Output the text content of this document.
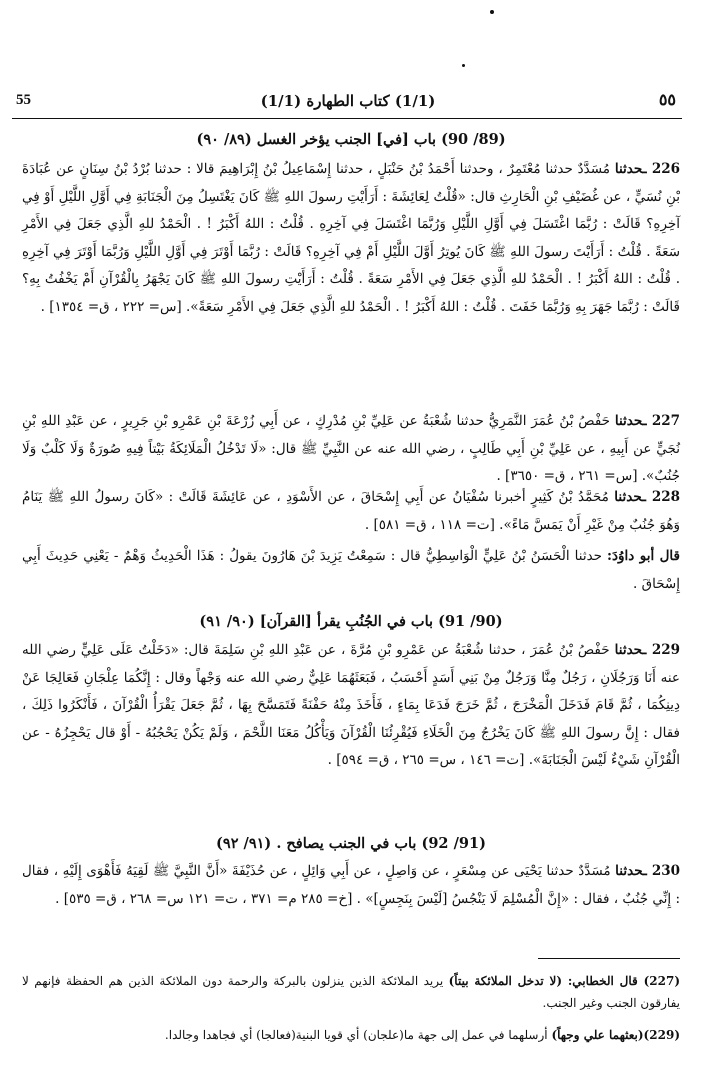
55	(1/1) كتاب الطهارة (1/1)	٥٥

(89/ 90) باب [في] الجنب يؤخر الغسل (٨٩/ ٩٠)

226 ـحدثنا مُسَدَّدٌ حدثنا مُعْتَمِرٌ ، وحدثنا أَحْمَدُ بْنُ حَنْبَلٍ ، حدثنا إِسْمَاعِيلُ بْنُ إِبْرَاهِيمَ قالا : حدثنا بُرْدُ بْنُ سِنَانٍ عن عُبَادَةَ بْنِ نُسَيٍّ ، عن غُضَيْفِ بْنِ الْحَارِثِ قال: «قُلْتُ لِعَائِشَةَ : أَرَأَيْتِ رسولَ اللهِ ﷺ كَانَ يَغْتَسِلُ مِنَ الْجَنَابَةِ فِي أَوَّلِ اللَّيْلِ أَوْ فِي آخِرِهِ؟ قَالَتْ : رُبَّمَا اغْتَسَلَ فِي أَوَّلِ اللَّيْلِ وَرُبَّمَا اغْتَسَلَ فِي آخِرِهِ . قُلْتُ : اللهُ أَكْبَرُ ! . الْحَمْدُ للهِ الَّذِي جَعَلَ فِي الأَمْرِ سَعَةً . قُلْتُ : أَرَأَيْتَ رسولَ اللهِ ﷺ كَانَ يُوتِرُ أَوَّلَ اللَّيْلِ أَمْ فِي آخِرِهِ؟ قَالَتْ : رُبَّمَا أَوْتَرَ فِي أَوَّلِ اللَّيْلِ وَرُبَّمَا أَوْتَرَ فِي آخِرِهِ . قُلْتُ : اللهُ أَكْبَرُ ! . الْحَمْدُ للهِ الَّذِي جَعَلَ فِي الأَمْرِ سَعَةً . قُلْتُ : أَرَأَيْتِ رسولَ اللهِ ﷺ كَانَ يَجْهَرُ بِالْقُرْآنِ أَمْ يَخْفُتُ بِهِ؟ قَالَتْ : رُبَّمَا جَهَرَ بِهِ وَرُبَّمَا خَفَتَ . قُلْتُ : اللهُ أَكْبَرُ ! . الْحَمْدُ للهِ الَّذِي جَعَلَ فِي الأَمْرِ سَعَةً». [س= ٢٢٢ ، ق= ١٣٥٤] .

227 ـحدثنا حَفْصُ بْنُ عُمَرَ النَّمَرِيُّ حدثنا شُعْبَةُ عن عَلِيِّ بْنِ مُدْرِكٍ ، عن أَبِي زُرْعَةَ بْنِ عَمْرِو بْنِ جَرِيرٍ ، عن عَبْدِ اللهِ بْنِ نُجَيٍّ عن أَبِيهِ ، عن عَلِيِّ بْنِ أَبِي طَالِبٍ ، رضي الله عنه عن النَّبِيِّ ﷺ قال: «لَا تَدْخُلُ الْمَلَائِكَةُ بَيْتاً فِيهِ صُورَةٌ وَلَا كَلْبٌ وَلَا جُنُبٌ». [س= ٢٦١ ، ق= ٣٦٥٠] .

228 ـحدثنا مُحَمَّدُ بْنُ كَثِيرٍ أخبرنا سُفْيَانُ عن أَبِي إِسْحَاقَ ، عن الأَسْوَدِ ، عن عَائِشَةَ قَالَتْ : «كَانَ رسولُ اللهِ ﷺ يَنَامُ وَهُوَ جُنُبٌ مِنْ غَيْرِ أَنْ يَمَسَّ مَاءً». [ت= ١١٨ ، ق= ٥٨١] .

قال أبو داوُدَ: حدثنا الْحَسَنُ بْنُ عَلِيٍّ الْوَاسِطِيُّ قال : سَمِعْتُ يَزِيدَ بْنَ هَارُونَ يقولُ : هَذَا الْحَدِيثُ وَهْمٌ - يَعْنِي حَدِيثَ أَبِي إِسْحَاقَ .

(90/ 91) باب في الجُنُبِ يقرأ [القرآن] (٩٠/ ٩١)

229 ـحدثنا حَفْصُ بْنُ عُمَرَ ، حدثنا شُعْبَةُ عن عَمْرِو بْنِ مُرَّةَ ، عن عَبْدِ اللهِ بْنِ سَلِمَةَ قال: «دَخَلْتُ عَلَى عَلِيٍّ رضي الله عنه أَنَا وَرَجُلَانِ ، رَجُلٌ مِنَّا وَرَجُلٌ مِنْ بَنِي أَسَدٍ أَحْسَبُ ، فَبَعَثَهُمَا عَلِيٌّ رضي الله عنه وَجْهاً وقال : إِنَّكُمَا عِلْجَانِ فَعَالِجَا عَنْ دِينِكُمَا ، ثُمَّ قَامَ فَدَخَلَ الْمَخْرَجَ ، ثُمَّ خَرَجَ فَدَعَا بِمَاءٍ ، فَأَخَذَ مِنْهُ حَفْنَةً فَتَمَسَّحَ بِهَا ، ثُمَّ جَعَلَ يَقْرَأُ الْقُرْآنَ ، فَأَنْكَرُوا ذَلِكَ ، فقال : إِنَّ رسولَ اللهِ ﷺ كَانَ يَخْرُجُ مِنَ الْخَلَاءِ فَيُقْرِئُنَا الْقُرْآنَ وَيَأْكُلُ مَعَنَا اللَّحْمَ ، وَلَمْ يَكُنْ يَحْجُبُهُ - أَوْ قال يَحْجِزُهُ - عن الْقُرْآنِ شَيْءٌ لَيْسَ الْجَنَابَةَ». [ت= ١٤٦ ، س= ٢٦٥ ، ق= ٥٩٤] .

(91/ 92) باب في الجنب يصافح . (٩١/ ٩٢)

230 ـحدثنا مُسَدَّدٌ حدثنا يَحْيَى عن مِسْعَرٍ ، عن وَاصِلٍ ، عن أَبِي وَائِلٍ ، عن حُذَيْفَةَ «أَنَّ النَّبِيَّ ﷺ لَقِيَهُ فَأَهْوَى إِلَيْهِ ، فقال : إِنِّي جُنُبٌ ، فقال : «إِنَّ الْمُسْلِمَ لَا يَنْجُسُ [لَيْسَ بِنَجِسٍ]» . [خ= ٢٨٥ م= ٣٧١ ، ت= ١٢١ س= ٢٦٨ ، ق= ٥٣٥] .

(227) قال الخطابي: (لا تدخل الملائكة بيتاً) يريد الملائكة الذين ينزلون بالبركة والرحمة دون الملائكة الذين هم الحفظة فإنهم لا يفارقون الجنب وغير الجنب.
(229)(بعثهما علي وجهاً) أرسلهما في عمل إلى جهة ما(علجان) أي قويا البنية(فعالجا) أي فجاهدا وجالدا.
